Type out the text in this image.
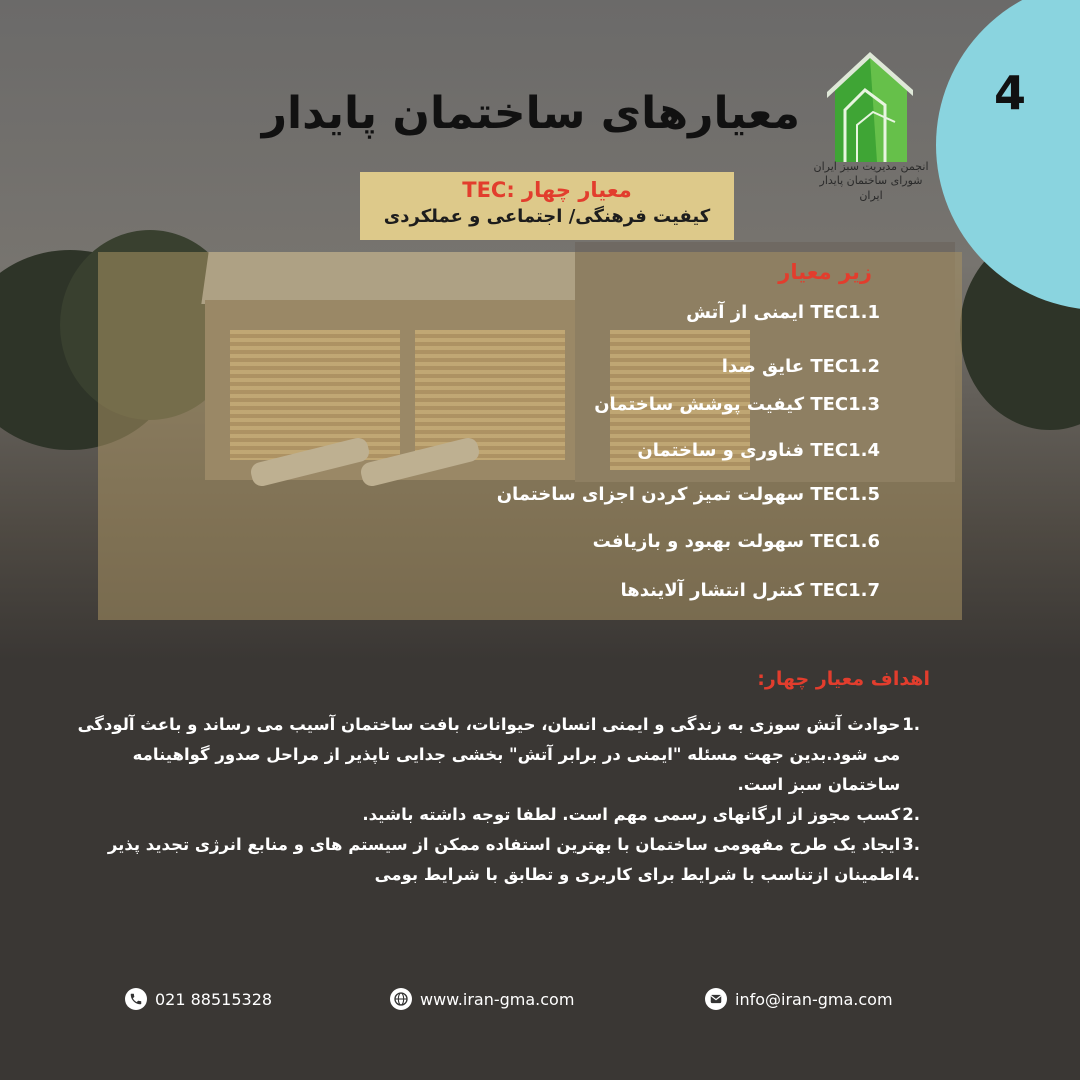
4
معیارهای ساختمان پایدار
انجمن مدیریت سبز ایران
شورای ساختمان پایدار ایران
معیار چهار :TEC
کیفیت فرهنگی/ اجتماعی و عملکردی
زیر معیار
TEC1.1 ایمنی از آتش
TEC1.2 عایق صدا
TEC1.3 کیفیت پوشش ساختمان
TEC1.4 فناوری و ساختمان
TEC1.5 سهولت تمیز کردن اجزای ساختمان
TEC1.6 سهولت بهبود و بازیافت
TEC1.7 کنترل انتشار آلایندها
اهداف معیار چهار:
.1
حوادث آتش سوزی به زندگی و ایمنی انسان، حیوانات، بافت ساختمان آسیب می رساند و باعث آلودگی می شود.بدین جهت مسئله "ایمنی در برابر آتش" بخشی جدایی ناپذیر از مراحل صدور گواهینامه ساختمان سبز است.
.2
کسب مجوز از ارگانهای رسمی مهم است. لطفا توجه داشته باشید.
.3
ایجاد یک طرح مفهومی ساختمان با بهترین استفاده ممکن از سیستم های و منابع انرژی تجدید پذیر
.4
اطمینان ازتناسب با شرایط برای کاربری و تطابق با شرایط بومی
021 88515328	www.iran-gma.com	info@iran-gma.com
